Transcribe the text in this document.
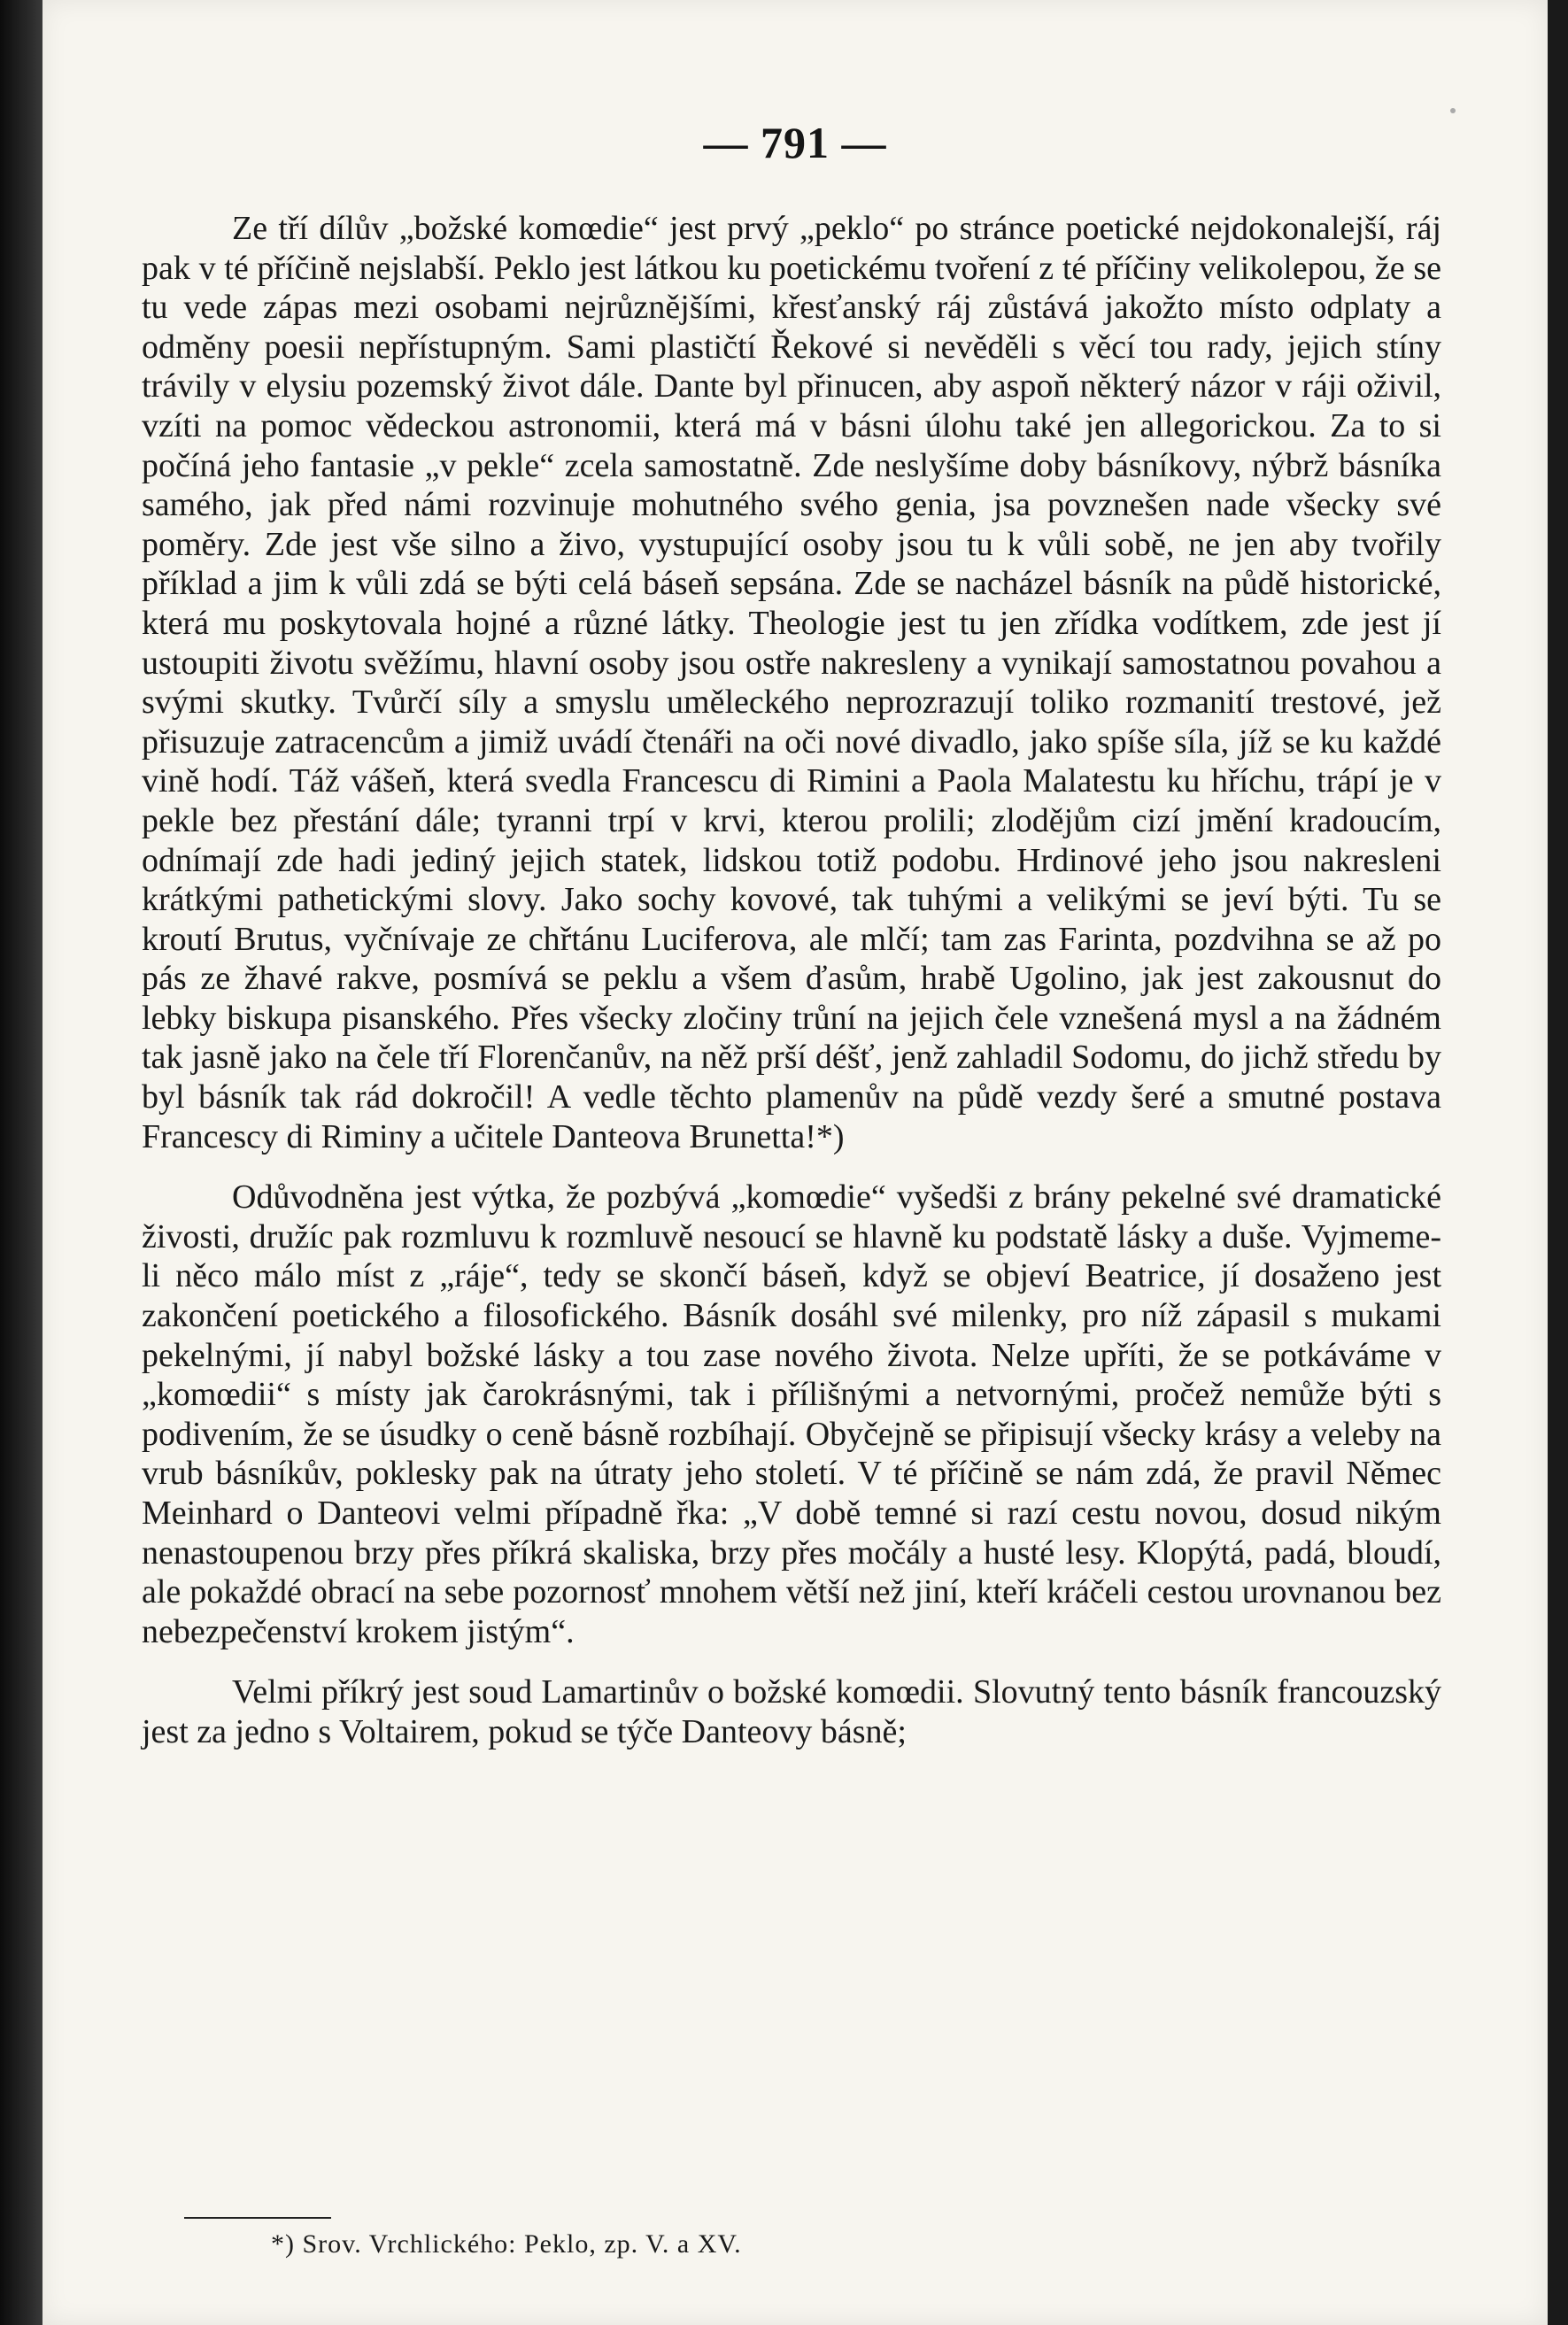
— 791 —

Ze tří dílův „božské komœdie“ jest prvý „peklo“ po stránce poetické nejdokonalejší, ráj pak v té příčině nejslabší. Peklo jest látkou ku poetickému tvoření z té příčiny velikolepou, že se tu vede zápas mezi osobami nejrůznějšími, křesťanský ráj zůstává jakožto místo odplaty a odměny poesii nepřístupným. Sami plastičtí Řekové si nevěděli s věcí tou rady, jejich stíny trávily v elysiu pozemský život dále. Dante byl přinucen, aby aspoň některý názor v ráji oživil, vzíti na pomoc vědeckou astronomii, která má v básni úlohu také jen allegorickou. Za to si počíná jeho fantasie „v pekle“ zcela samostatně. Zde neslyšíme doby básníkovy, nýbrž básníka samého, jak před námi rozvinuje mohutného svého genia, jsa povznešen nade všecky své poměry. Zde jest vše silno a živo, vystupující osoby jsou tu k vůli sobě, ne jen aby tvořily příklad a jim k vůli zdá se býti celá báseň sepsána. Zde se nacházel básník na půdě historické, která mu poskytovala hojné a různé látky. Theologie jest tu jen zřídka vodítkem, zde jest jí ustoupiti životu svěžímu, hlavní osoby jsou ostře nakresleny a vynikají samostatnou povahou a svými skutky. Tvůrčí síly a smyslu uměleckého neprozrazují toliko rozmanití trestové, jež přisuzuje zatracencům a jimiž uvádí čtenáři na oči nové divadlo, jako spíše síla, jíž se ku každé vině hodí. Táž vášeň, která svedla Francescu di Rimini a Paola Malatestu ku hříchu, trápí je v pekle bez přestání dále; tyranni trpí v krvi, kterou prolili; zlodějům cizí jmění kradoucím, odnímají zde hadi jediný jejich statek, lidskou totiž podobu. Hrdinové jeho jsou nakresleni krátkými pathetickými slovy. Jako sochy kovové, tak tuhými a velikými se jeví býti. Tu se kroutí Brutus, vyčnívaje ze chřtánu Luciferova, ale mlčí; tam zas Farinta, pozdvihna se až po pás ze žhavé rakve, posmívá se peklu a všem ďasům, hrabě Ugolino, jak jest zakousnut do lebky biskupa pisanského. Přes všecky zločiny trůní na jejich čele vznešená mysl a na žádném tak jasně jako na čele tří Florenčanův, na něž prší déšť, jenž zahladil Sodomu, do jichž středu by byl básník tak rád dokročil! A vedle těchto plamenův na půdě vezdy šeré a smutné postava Francescy di Riminy a učitele Danteova Brunetta!*)

Odůvodněna jest výtka, že pozbývá „komœdie“ vyšedši z brány pekelné své dramatické živosti, družíc pak rozmluvu k rozmluvě nesoucí se hlavně ku podstatě lásky a duše. Vyjmeme-li něco málo míst z „ráje“, tedy se skončí báseň, když se objeví Beatrice, jí dosaženo jest zakončení poetického a filosofického. Básník dosáhl své milenky, pro níž zápasil s mukami pekelnými, jí nabyl božské lásky a tou zase nového života. Nelze upříti, že se potkáváme v „komœdii“ s místy jak čarokrásnými, tak i přílišnými a netvornými, pročež nemůže býti s podivením, že se úsudky o ceně básně rozbíhají. Obyčejně se připisují všecky krásy a veleby na vrub básníkův, poklesky pak na útraty jeho století. V té příčině se nám zdá, že pravil Němec Meinhard o Danteovi velmi případně řka: „V době temné si razí cestu novou, dosud nikým nenastoupenou brzy přes příkrá skaliska, brzy přes močály a husté lesy. Klopýtá, padá, bloudí, ale pokaždé obrací na sebe pozornosť mnohem větší než jiní, kteří kráčeli cestou urovnanou bez nebezpečenství krokem jistým“.

Velmi příkrý jest soud Lamartinův o božské komœdii. Slovutný tento básník francouzský jest za jedno s Voltairem, pokud se týče Danteovy básně;

*) Srov. Vrchlického: Peklo, zp. V. a XV.
